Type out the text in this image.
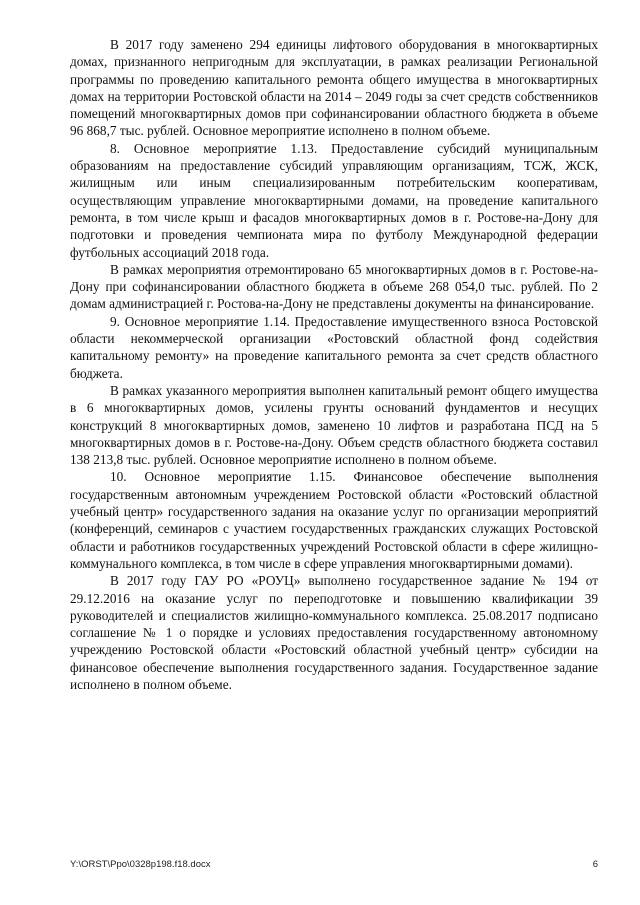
В 2017 году заменено 294 единицы лифтового оборудования в многоквартирных домах, признанного непригодным для эксплуатации, в рамках реализации Региональной программы по проведению капитального ремонта общего имущества в многоквартирных домах на территории Ростовской области на 2014 – 2049 годы за счет средств собственников помещений многоквартирных домов при софинансировании областного бюджета в объеме 96 868,7 тыс. рублей. Основное мероприятие исполнено в полном объеме.

8. Основное мероприятие 1.13. Предоставление субсидий муниципальным образованиям на предоставление субсидий управляющим организациям, ТСЖ, ЖСК, жилищным или иным специализированным потребительским кооперативам, осуществляющим управление многоквартирными домами, на проведение капитального ремонта, в том числе крыш и фасадов многоквартирных домов в г. Ростове-на-Дону для подготовки и проведения чемпионата мира по футболу Международной федерации футбольных ассоциаций 2018 года.

В рамках мероприятия отремонтировано 65 многоквартирных домов в г. Ростове-на-Дону при софинансировании областного бюджета в объеме 268 054,0 тыс. рублей. По 2 домам администрацией г. Ростова-на-Дону не представлены документы на финансирование.

9. Основное мероприятие 1.14. Предоставление имущественного взноса Ростовской области некоммерческой организации «Ростовский областной фонд содействия капитальному ремонту» на проведение капитального ремонта за счет средств областного бюджета.

В рамках указанного мероприятия выполнен капитальный ремонт общего имущества в 6 многоквартирных домов, усилены грунты оснований фундаментов и несущих конструкций 8 многоквартирных домов, заменено 10 лифтов и разработана ПСД на 5 многоквартирных домов в г. Ростове-на-Дону. Объем средств областного бюджета составил 138 213,8 тыс. рублей. Основное мероприятие исполнено в полном объеме.

10. Основное мероприятие 1.15. Финансовое обеспечение выполнения государственным автономным учреждением Ростовской области «Ростовский областной учебный центр» государственного задания на оказание услуг по организации мероприятий (конференций, семинаров с участием государственных гражданских служащих Ростовской области и работников государственных учреждений Ростовской области в сфере жилищно-коммунального комплекса, в том числе в сфере управления многоквартирными домами).

В 2017 году ГАУ РО «РОУЦ» выполнено государственное задание № 194 от 29.12.2016 на оказание услуг по переподготовке и повышению квалификации 39 руководителей и специалистов жилищно-коммунального комплекса. 25.08.2017 подписано соглашение № 1 о порядке и условиях предоставления государственному автономному учреждению Ростовской области «Ростовский областной учебный центр» субсидии на финансовое обеспечение выполнения государственного задания. Государственное задание исполнено в полном объеме.

Y:\ORST\Ppo\0328p198.f18.docx	6
